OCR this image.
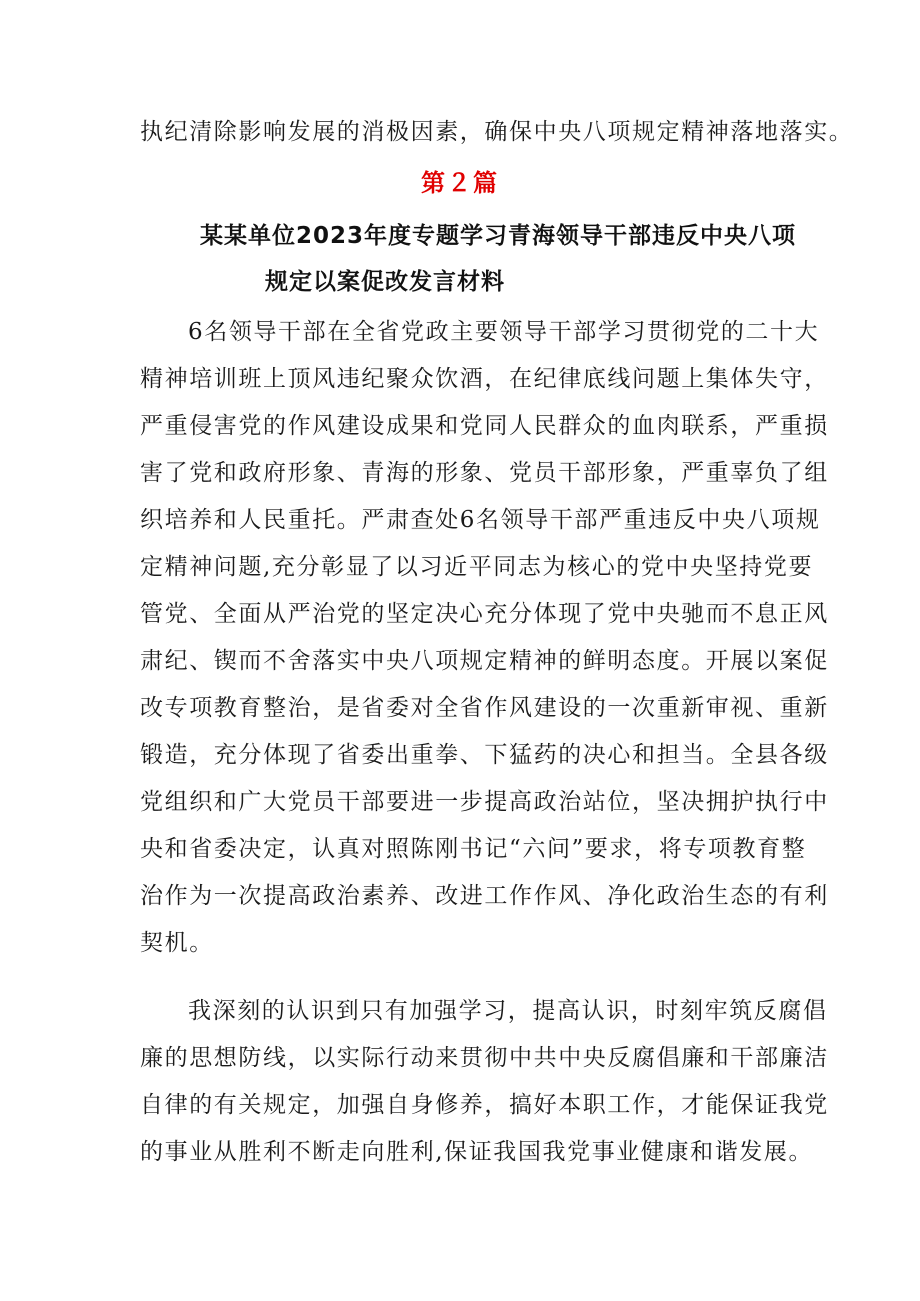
执纪清除影响发展的消极因素，确保中央八项规定精神落地落实。
第２篇
某某单位2023年度专题学习青海领导干部违反中央八项
规定以案促改发言材料
6名领导干部在全省党政主要领导干部学习贯彻党的二十大
精神培训班上顶风违纪聚众饮酒，在纪律底线问题上集体失守，
严重侵害党的作风建设成果和党同人民群众的血肉联系，严重损
害了党和政府形象、青海的形象、党员干部形象，严重辜负了组
织培养和人民重托。严肃查处6名领导干部严重违反中央八项规
定精神问题,充分彰显了以习近平同志为核心的党中央坚持党要
管党、全面从严治党的坚定决心充分体现了党中央驰而不息正风
肃纪、锲而不舍落实中央八项规定精神的鲜明态度。开展以案促
改专项教育整治，是省委对全省作风建设的一次重新审视、重新
锻造，充分体现了省委出重拳、下猛药的决心和担当。全县各级
党组织和广大党员干部要进一步提高政治站位，坚决拥护执行中
央和省委决定，认真对照陈刚书记“六问”要求，将专项教育整
治作为一次提高政治素养、改进工作作风、净化政治生态的有利
契机。
我深刻的认识到只有加强学习，提高认识，时刻牢筑反腐倡
廉的思想防线，以实际行动来贯彻中共中央反腐倡廉和干部廉洁
自律的有关规定，加强自身修养，搞好本职工作，才能保证我党
的事业从胜利不断走向胜利,保证我国我党事业健康和谐发展。
